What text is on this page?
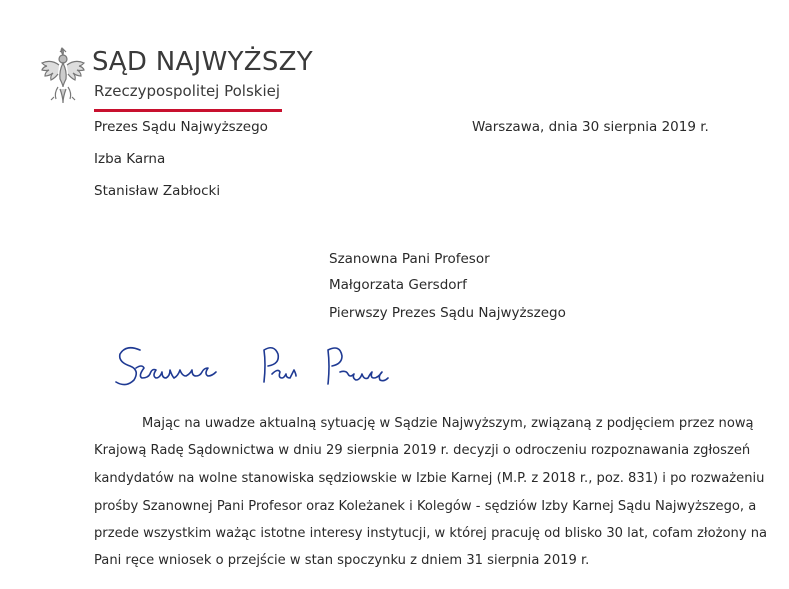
SĄD NAJWYŻSZY
Rzeczypospolitej Polskiej
Prezes Sądu Najwyższego
Izba Karna
Stanisław Zabłocki
Warszawa, dnia 30 sierpnia 2019 r.
Szanowna Pani Profesor
Małgorzata Gersdorf
Pierwszy Prezes Sądu Najwyższego
Mając na uwadze aktualną sytuację w Sądzie Najwyższym, związaną z podjęciem przez nową
Krajową Radę Sądownictwa w dniu 29 sierpnia 2019 r. decyzji o odroczeniu rozpoznawania zgłoszeń
kandydatów na wolne stanowiska sędziowskie w Izbie Karnej (M.P. z 2018 r., poz. 831) i po rozważeniu
prośby Szanownej Pani Profesor oraz Koleżanek i Kolegów - sędziów Izby Karnej Sądu Najwyższego, a
przede wszystkim ważąc istotne interesy instytucji, w której pracuję od blisko 30 lat, cofam złożony na
Pani ręce wniosek o przejście w stan spoczynku z dniem 31 sierpnia 2019 r.
